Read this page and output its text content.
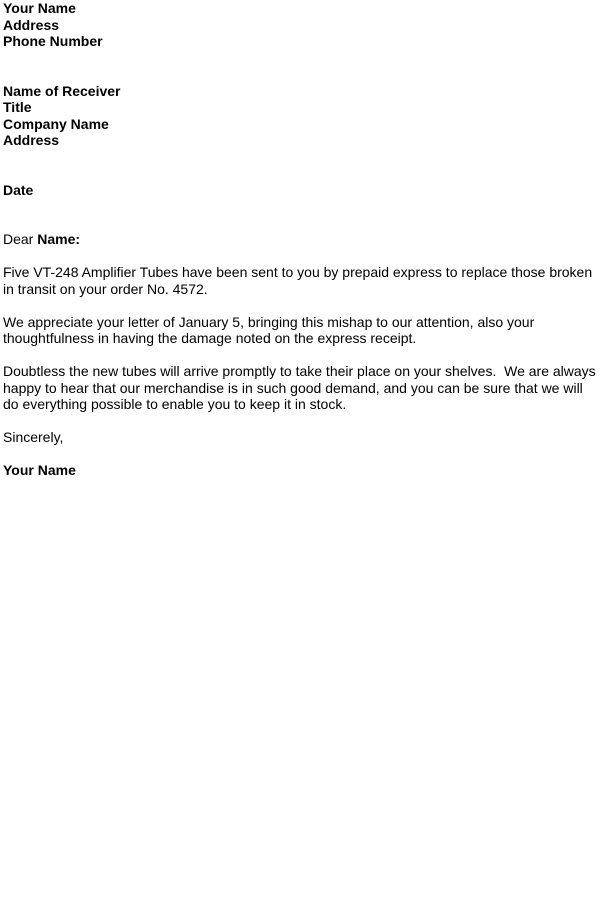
Your Name
Address
Phone Number
Name of Receiver
Title
Company Name
Address
Date
Dear Name:

Five VT-248 Amplifier Tubes have been sent to you by prepaid express to replace those broken
in transit on your order No. 4572.

We appreciate your letter of January 5, bringing this mishap to our attention, also your
thoughtfulness in having the damage noted on the express receipt.

Doubtless the new tubes will arrive promptly to take their place on your shelves.  We are always
happy to hear that our merchandise is in such good demand, and you can be sure that we will
do everything possible to enable you to keep it in stock.

Sincerely,
Your Name
